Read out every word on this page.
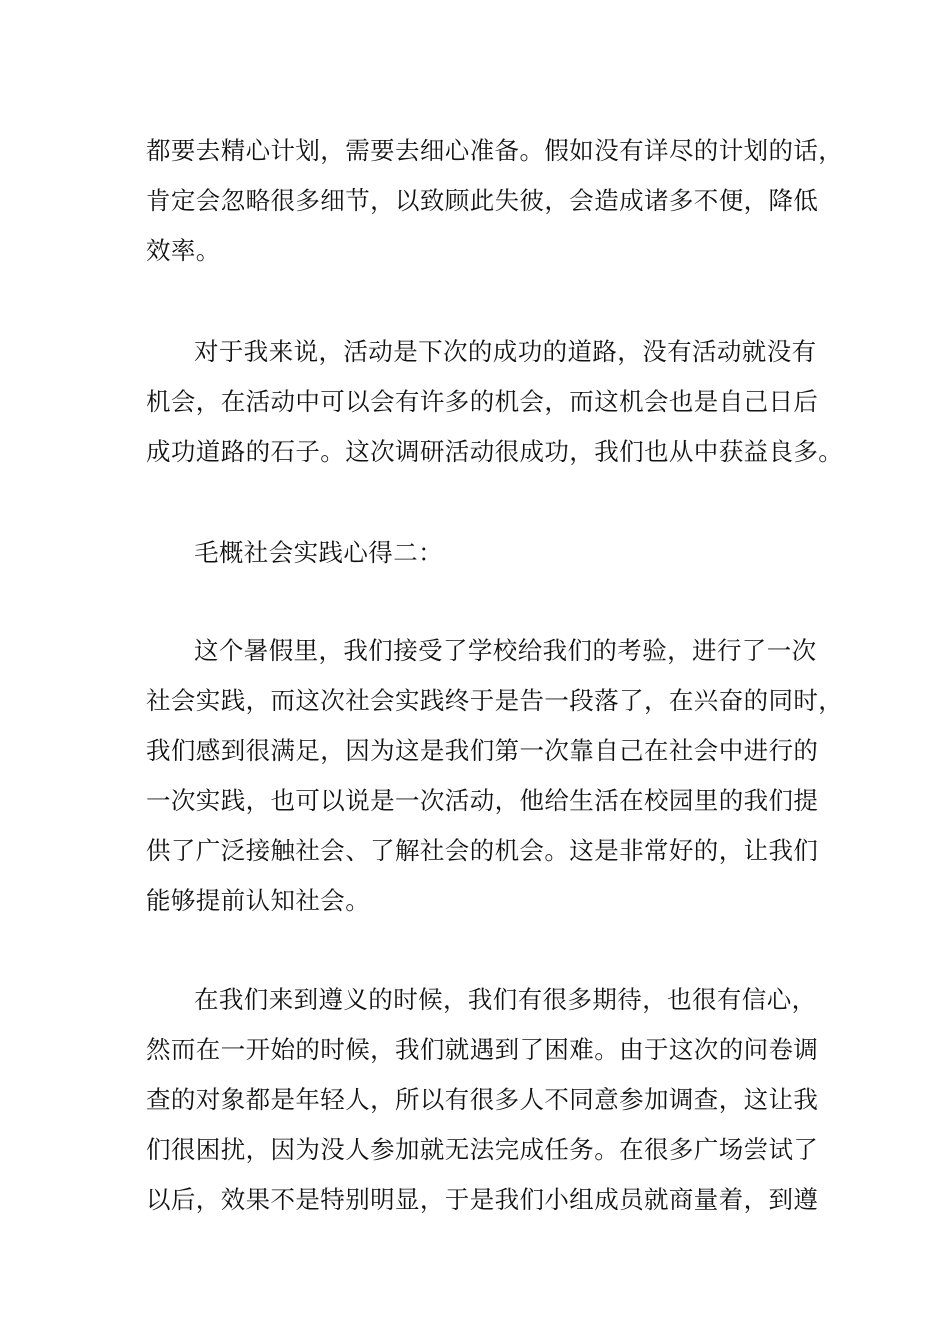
都要去精心计划，需要去细心准备。假如没有详尽的计划的话，
肯定会忽略很多细节，以致顾此失彼，会造成诸多不便，降低
效率。
对于我来说，活动是下次的成功的道路，没有活动就没有
机会，在活动中可以会有许多的机会，而这机会也是自己日后
成功道路的石子。这次调研活动很成功，我们也从中获益良多。
毛概社会实践心得二：
这个暑假里，我们接受了学校给我们的考验，进行了一次
社会实践，而这次社会实践终于是告一段落了，在兴奋的同时，
我们感到很满足，因为这是我们第一次靠自己在社会中进行的
一次实践，也可以说是一次活动，他给生活在校园里的我们提
供了广泛接触社会、了解社会的机会。这是非常好的，让我们
能够提前认知社会。
在我们来到遵义的时候，我们有很多期待，也很有信心，
然而在一开始的时候，我们就遇到了困难。由于这次的问卷调
查的对象都是年轻人，所以有很多人不同意参加调查，这让我
们很困扰，因为没人参加就无法完成任务。在很多广场尝试了
以后，效果不是特别明显，于是我们小组成员就商量着，到遵
